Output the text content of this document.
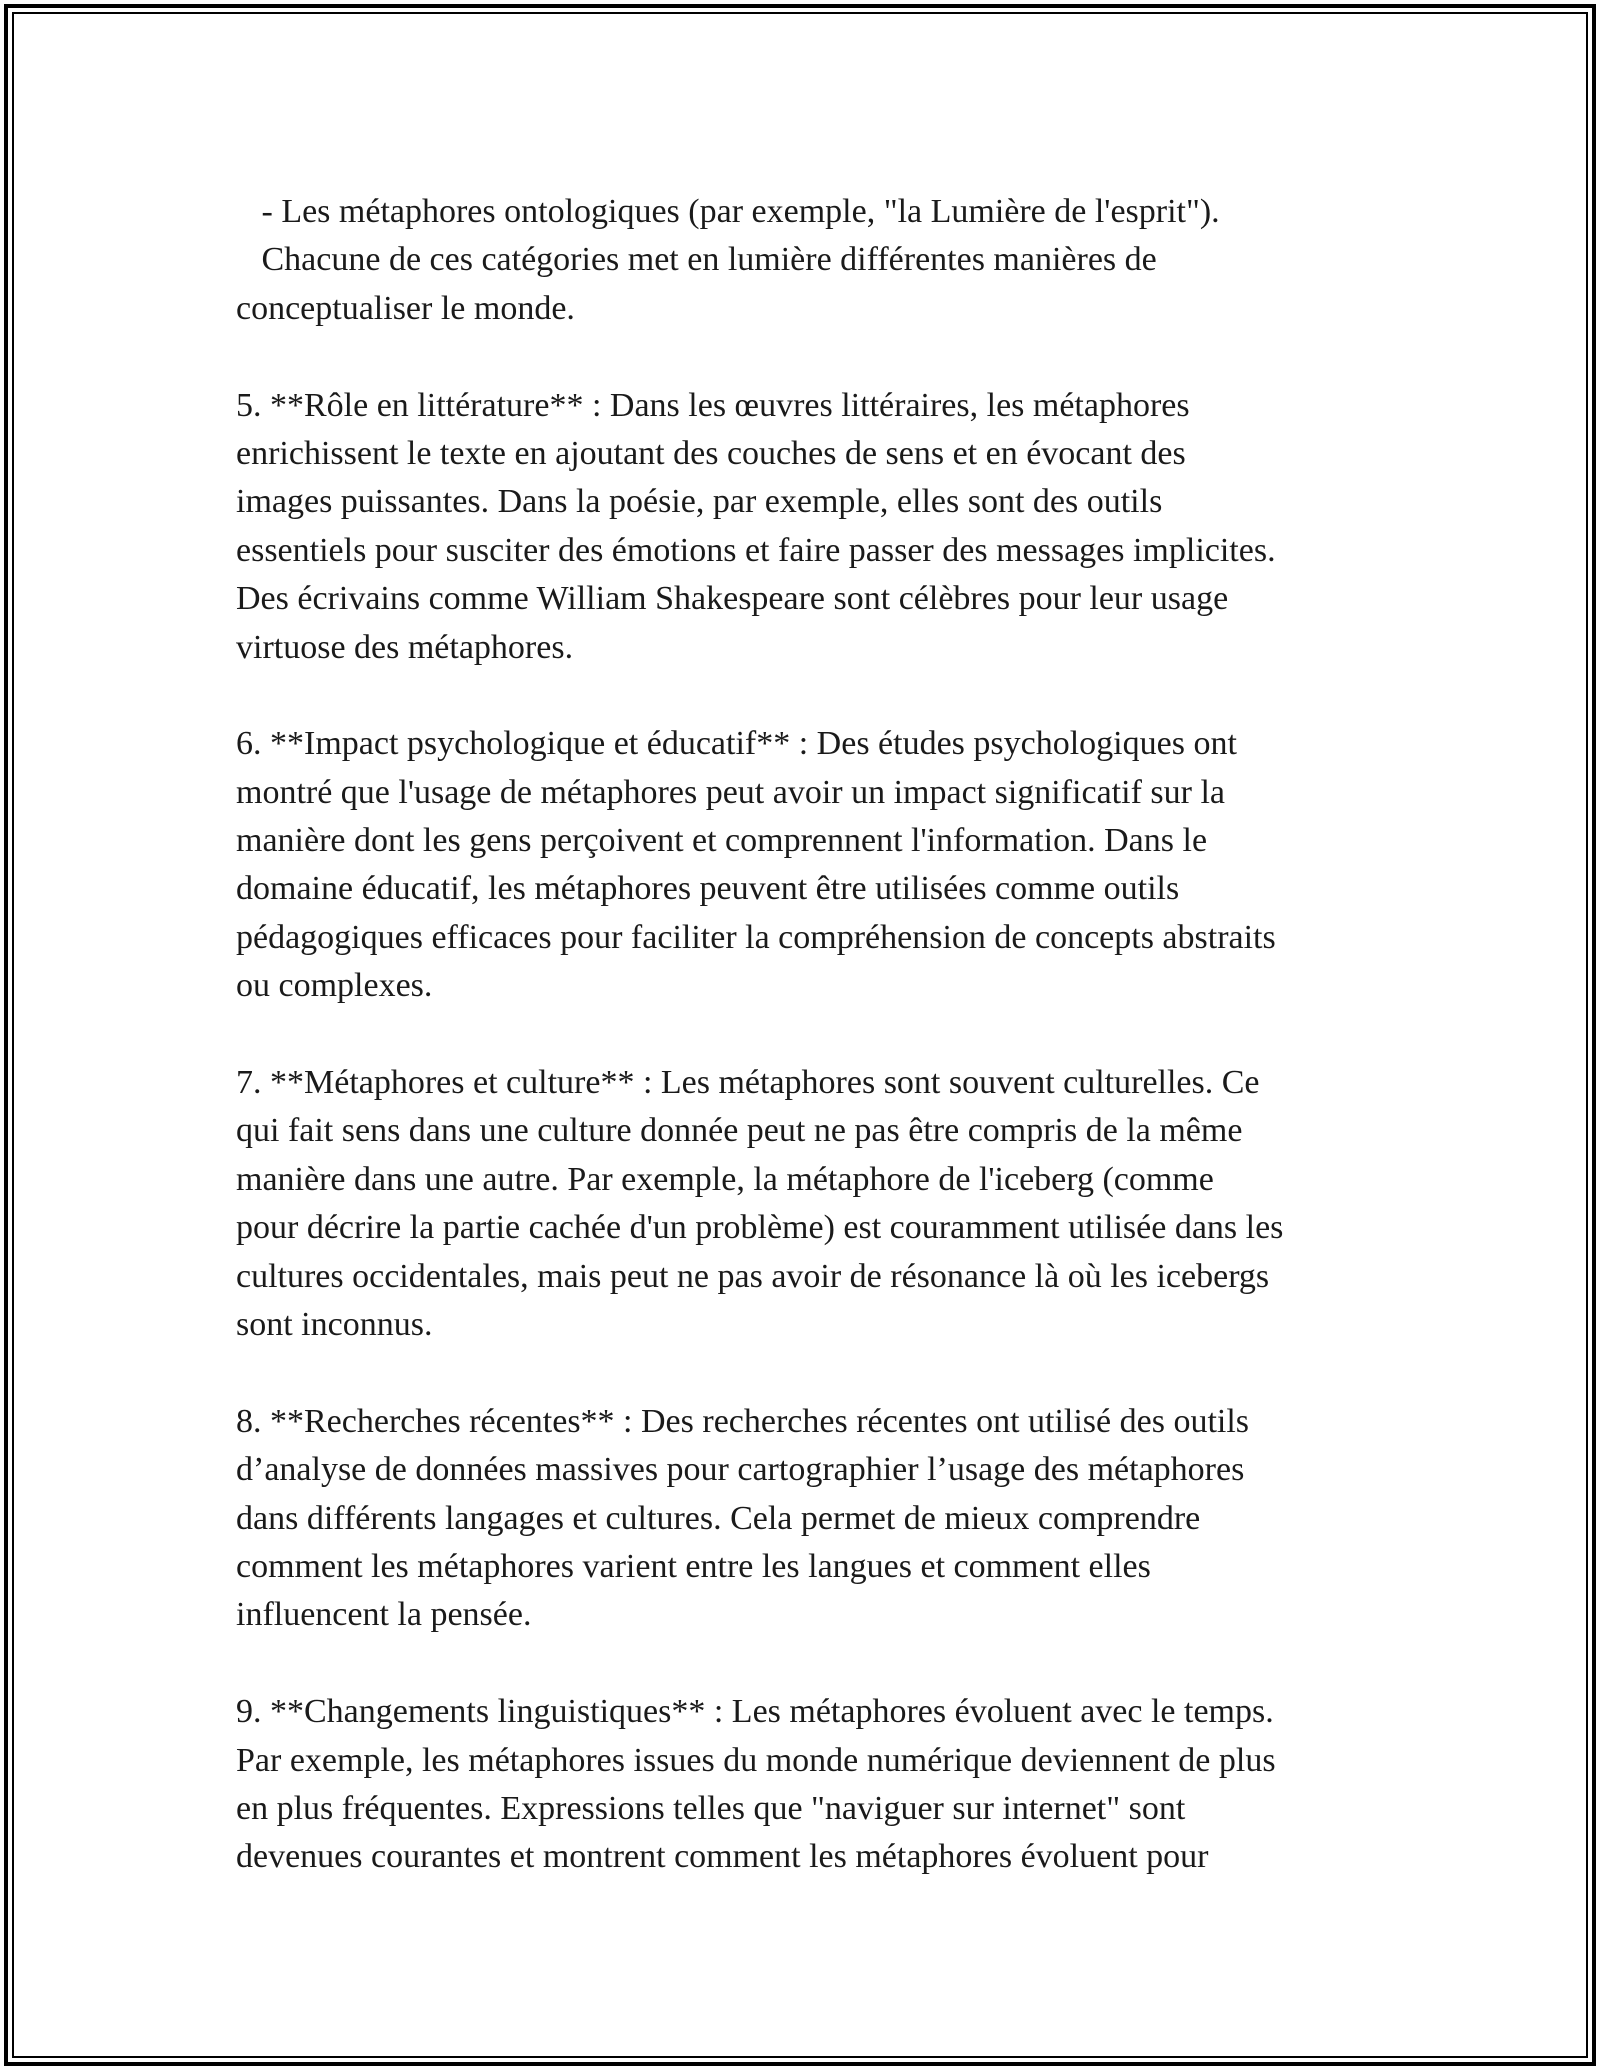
- Les métaphores ontologiques (par exemple, "la Lumière de l'esprit").
Chacune de ces catégories met en lumière différentes manières de
conceptualiser le monde.
5. **Rôle en littérature** : Dans les œuvres littéraires, les métaphores
enrichissent le texte en ajoutant des couches de sens et en évocant des
images puissantes. Dans la poésie, par exemple, elles sont des outils
essentiels pour susciter des émotions et faire passer des messages implicites.
Des écrivains comme William Shakespeare sont célèbres pour leur usage
virtuose des métaphores.
6. **Impact psychologique et éducatif** : Des études psychologiques ont
montré que l'usage de métaphores peut avoir un impact significatif sur la
manière dont les gens perçoivent et comprennent l'information. Dans le
domaine éducatif, les métaphores peuvent être utilisées comme outils
pédagogiques efficaces pour faciliter la compréhension de concepts abstraits
ou complexes.
7. **Métaphores et culture** : Les métaphores sont souvent culturelles. Ce
qui fait sens dans une culture donnée peut ne pas être compris de la même
manière dans une autre. Par exemple, la métaphore de l'iceberg (comme
pour décrire la partie cachée d'un problème) est couramment utilisée dans les
cultures occidentales, mais peut ne pas avoir de résonance là où les icebergs
sont inconnus.
8. **Recherches récentes** : Des recherches récentes ont utilisé des outils
d’analyse de données massives pour cartographier l’usage des métaphores
dans différents langages et cultures. Cela permet de mieux comprendre
comment les métaphores varient entre les langues et comment elles
influencent la pensée.
9. **Changements linguistiques** : Les métaphores évoluent avec le temps.
Par exemple, les métaphores issues du monde numérique deviennent de plus
en plus fréquentes. Expressions telles que "naviguer sur internet" sont
devenues courantes et montrent comment les métaphores évoluent pour
